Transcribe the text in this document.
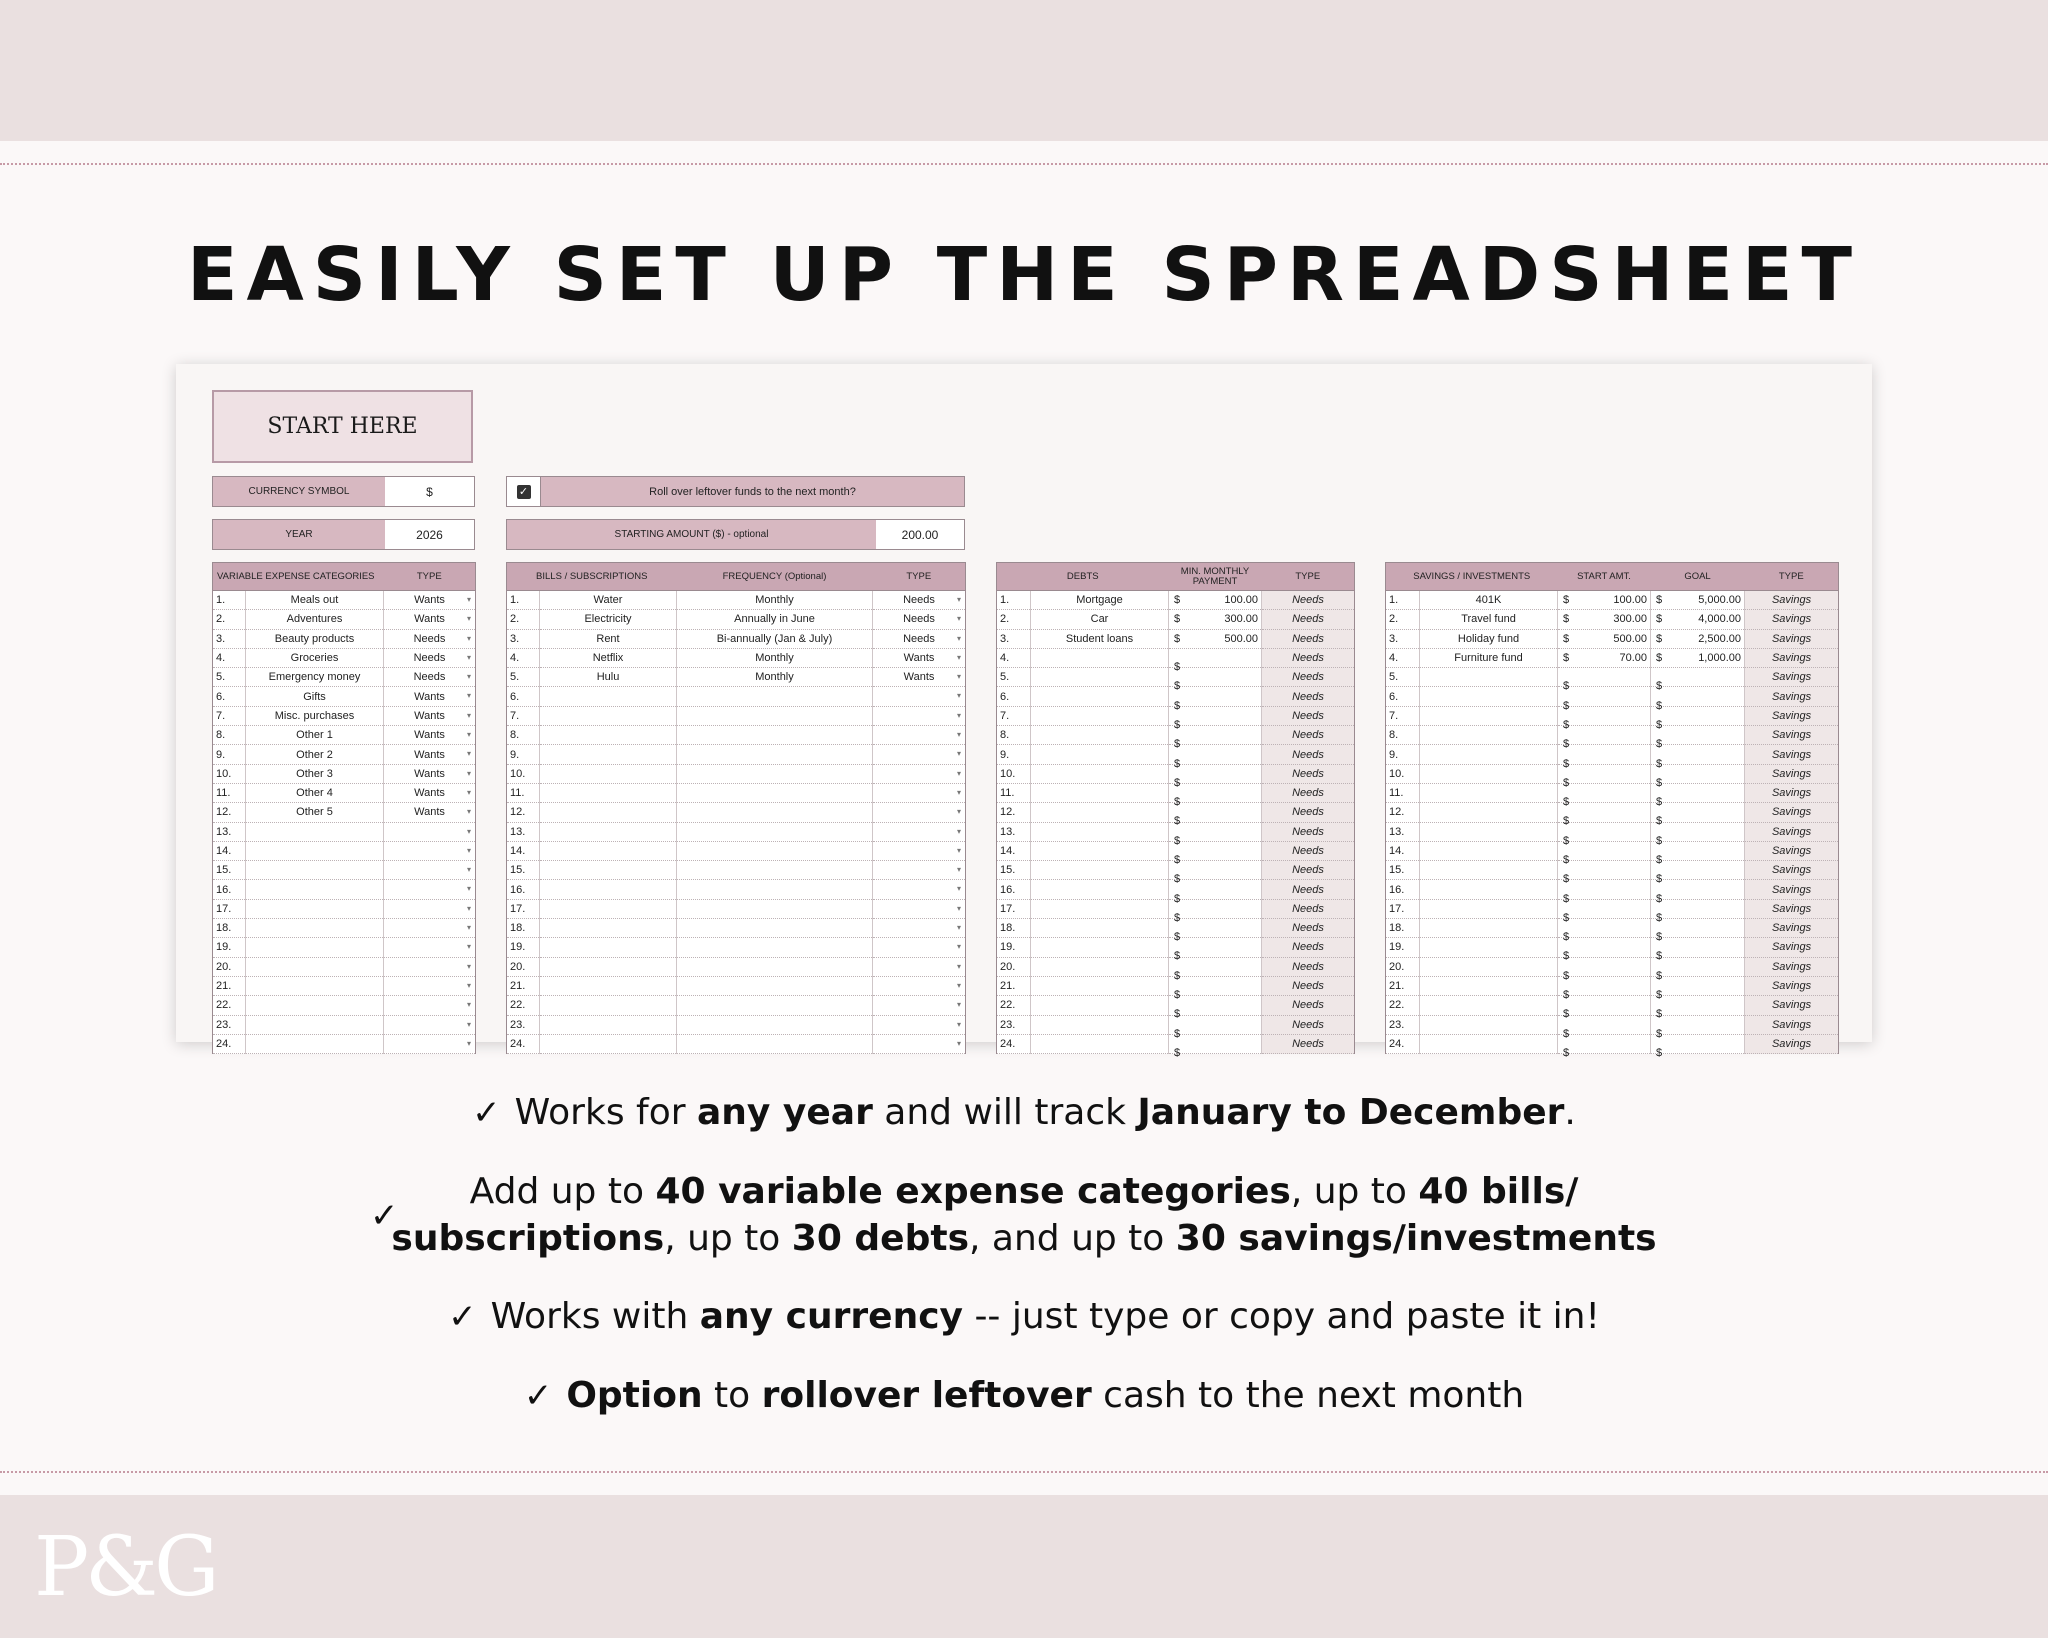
EASILY SET UP THE SPREADSHEET
START HERE
CURRENCY SYMBOL	$
YEAR	2026
✓	Roll over leftover funds to the next month?
STARTING AMOUNT ($) - optional	200.00
VARIABLE EXPENSE CATEGORIES		TYPE
1.	Meals out	Wants ▾

2.	Adventures	Wants ▾

3.	Beauty products	Needs ▾

4.	Groceries	Needs ▾

5.	Emergency money	Needs ▾

6.	Gifts	Wants ▾

7.	Misc. purchases	Wants ▾

8.	Other 1	Wants ▾

9.	Other 2	Wants ▾

10.	Other 3	Wants ▾

11.	Other 4	Wants ▾

12.	Other 5	Wants ▾

13.		▾

14.		▾

15.		▾

16.		▾

17.		▾

18.		▾

19.		▾

20.		▾

21.		▾

22.		▾

23.		▾

24.		▾
BILLS / SUBSCRIPTIONS		FREQUENCY (Optional)	TYPE
1.	Water	Monthly	Needs ▾

2.	Electricity	Annually in June	Needs ▾

3.	Rent	Bi-annually (Jan & July)	Needs ▾

4.	Netflix	Monthly	Wants ▾

5.	Hulu	Monthly	Wants ▾

6.			▾

7.			▾

8.			▾

9.			▾

10.			▾

11.			▾

12.			▾

13.			▾

14.			▾

15.			▾

16.			▾

17.			▾

18.			▾

19.			▾

20.			▾

21.			▾

22.			▾

23.			▾

24.			▾
DEBTS		MIN. MONTHLY PAYMENT	TYPE
1.	Mortgage	$ 100.00	Needs
2.	Car	$ 300.00	Needs
3.	Student loans	$ 500.00	Needs
4.		$	Needs
5.		$	Needs
6.		$	Needs
7.		$	Needs
8.		$	Needs
9.		$	Needs
10.		$	Needs
11.		$	Needs
12.		$	Needs
13.		$	Needs
14.		$	Needs
15.		$	Needs
16.		$	Needs
17.		$	Needs
18.		$	Needs
19.		$	Needs
20.		$	Needs
21.		$	Needs
22.		$	Needs
23.		$	Needs
24.		$	Needs
SAVINGS / INVESTMENTS		START AMT.	GOAL	TYPE
1.	401K	$ 100.00	$ 5,000.00	Savings
2.	Travel fund	$ 300.00	$ 4,000.00	Savings
3.	Holiday fund	$ 500.00	$ 2,500.00	Savings
4.	Furniture fund	$ 70.00	$ 1,000.00	Savings
5.		$	$	Savings
6.		$	$	Savings
7.		$	$	Savings
8.		$	$	Savings
9.		$	$	Savings
10.		$	$	Savings
11.		$	$	Savings
12.		$	$	Savings
13.		$	$	Savings
14.		$	$	Savings
15.		$	$	Savings
16.		$	$	Savings
17.		$	$	Savings
18.		$	$	Savings
19.		$	$	Savings
20.		$	$	Savings
21.		$	$	Savings
22.		$	$	Savings
23.		$	$	Savings
24.		$	$	Savings
✓ Works for any year and will track January to December.
✓
Add up to 40 variable expense categories, up to 40 bills/
subscriptions, up to 30 debts, and up to 30 savings/investments
✓ Works with any currency -- just type or copy and paste it in!
✓ Option to rollover leftover cash to the next month
P&G
